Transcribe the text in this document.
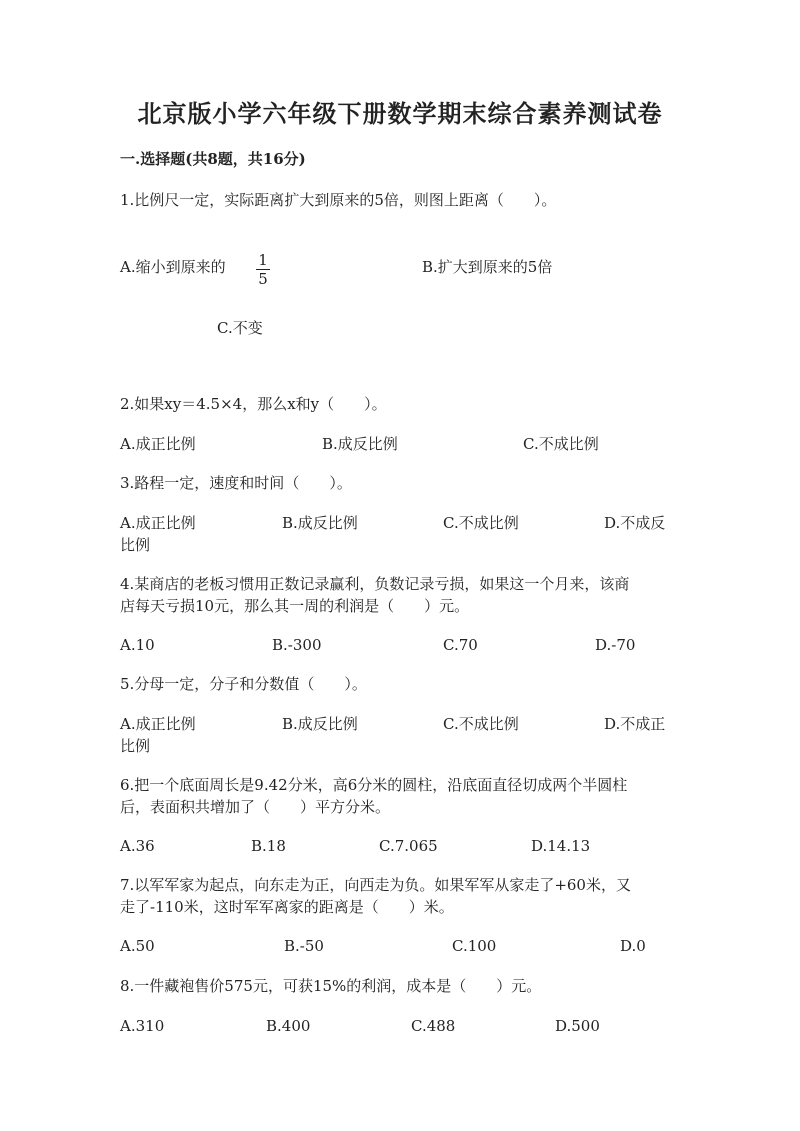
北京版小学六年级下册数学期末综合素养测试卷
一.选择题(共8题，共16分)
1.比例尺一定，实际距离扩大到原来的5倍，则图上距离（　　）。
A.缩小到原来的 1
5
B.扩大到原来的5倍
C.不变
2.如果xy＝4.5×4，那么x和y（　　）。
A.成正比例	B.成反比例	C.不成比例
3.路程一定，速度和时间（　　）。
A.成正比例	B.成反比例	C.不成比例	D.不成反
比例
4.某商店的老板习惯用正数记录赢利，负数记录亏损，如果这一个月来，该商
店每天亏损10元，那么其一周的利润是（　　）元。
A.10	B.-300	C.70	D.-70
5.分母一定，分子和分数值（　　）。
A.成正比例	B.成反比例	C.不成比例	D.不成正
比例
6.把一个底面周长是9.42分米，高6分米的圆柱，沿底面直径切成两个半圆柱
后，表面积共增加了（　　）平方分米。
A.36	B.18	C.7.065	D.14.13
7.以军军家为起点，向东走为正，向西走为负。如果军军从家走了+60米，又
走了-110米，这时军军离家的距离是（　　）米。
A.50	B.-50	C.100	D.0
8.一件藏袍售价575元，可获15%的利润，成本是（　　）元。
A.310	B.400	C.488	D.500
